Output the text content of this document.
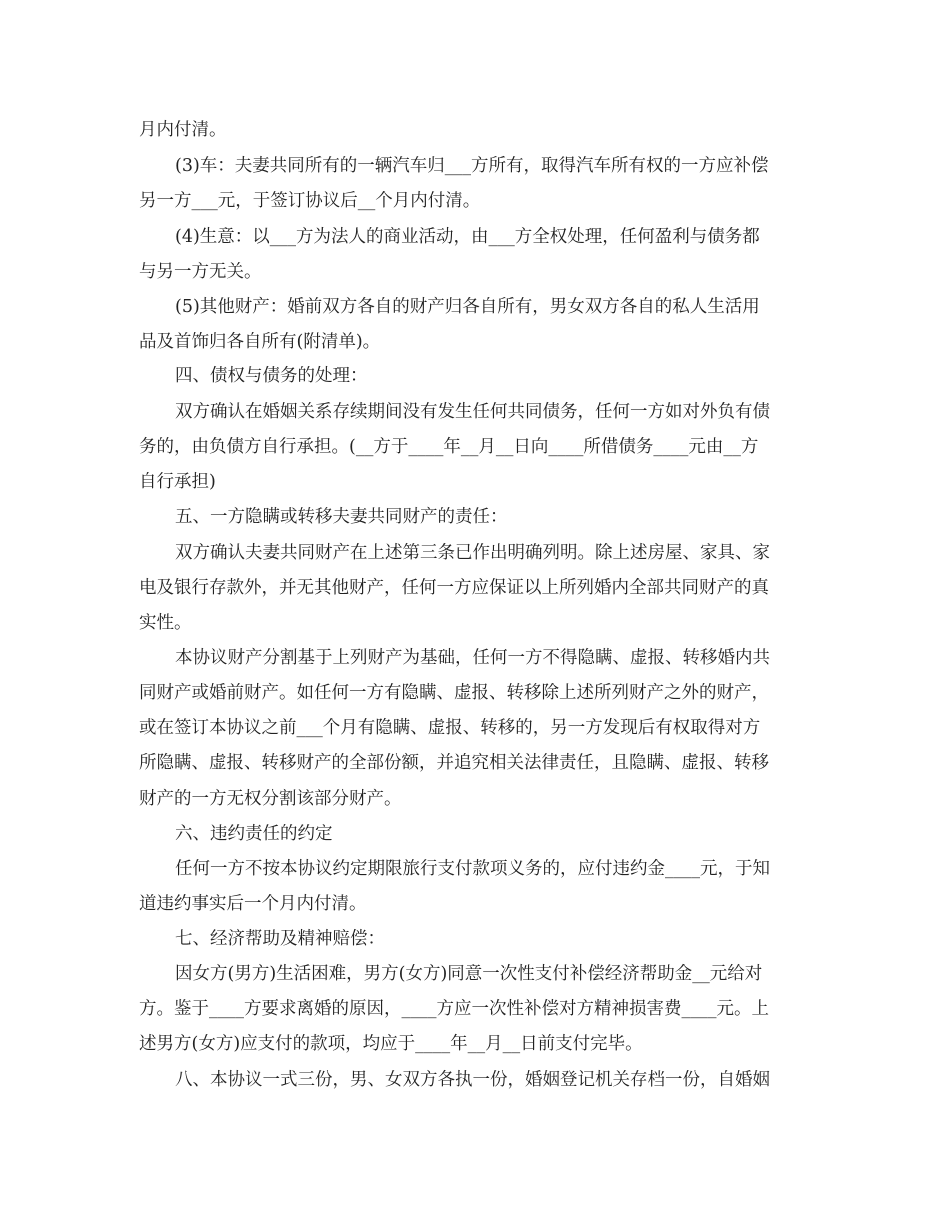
月内付清。
(3)车：夫妻共同所有的一辆汽车归___方所有，取得汽车所有权的一方应补偿
另一方___元，于签订协议后__个月内付清。
(4)生意：以___方为法人的商业活动，由___方全权处理，任何盈利与债务都
与另一方无关。
(5)其他财产：婚前双方各自的财产归各自所有，男女双方各自的私人生活用
品及首饰归各自所有(附清单)。
四、债权与债务的处理：
双方确认在婚姻关系存续期间没有发生任何共同债务，任何一方如对外负有债
务的，由负债方自行承担。(__方于____年__月__日向____所借债务____元由__方
自行承担)
五、一方隐瞒或转移夫妻共同财产的责任：
双方确认夫妻共同财产在上述第三条已作出明确列明。除上述房屋、家具、家
电及银行存款外，并无其他财产，任何一方应保证以上所列婚内全部共同财产的真
实性。
本协议财产分割基于上列财产为基础，任何一方不得隐瞒、虚报、转移婚内共
同财产或婚前财产。如任何一方有隐瞒、虚报、转移除上述所列财产之外的财产，
或在签订本协议之前___个月有隐瞒、虚报、转移的，另一方发现后有权取得对方
所隐瞒、虚报、转移财产的全部份额，并追究相关法律责任，且隐瞒、虚报、转移
财产的一方无权分割该部分财产。
六、违约责任的约定
任何一方不按本协议约定期限旅行支付款项义务的，应付违约金____元，于知
道违约事实后一个月内付清。
七、经济帮助及精神赔偿：
因女方(男方)生活困难，男方(女方)同意一次性支付补偿经济帮助金__元给对
方。鉴于____方要求离婚的原因，____方应一次性补偿对方精神损害费____元。上
述男方(女方)应支付的款项，均应于____年__月__日前支付完毕。
八、本协议一式三份，男、女双方各执一份，婚姻登记机关存档一份，自婚姻
